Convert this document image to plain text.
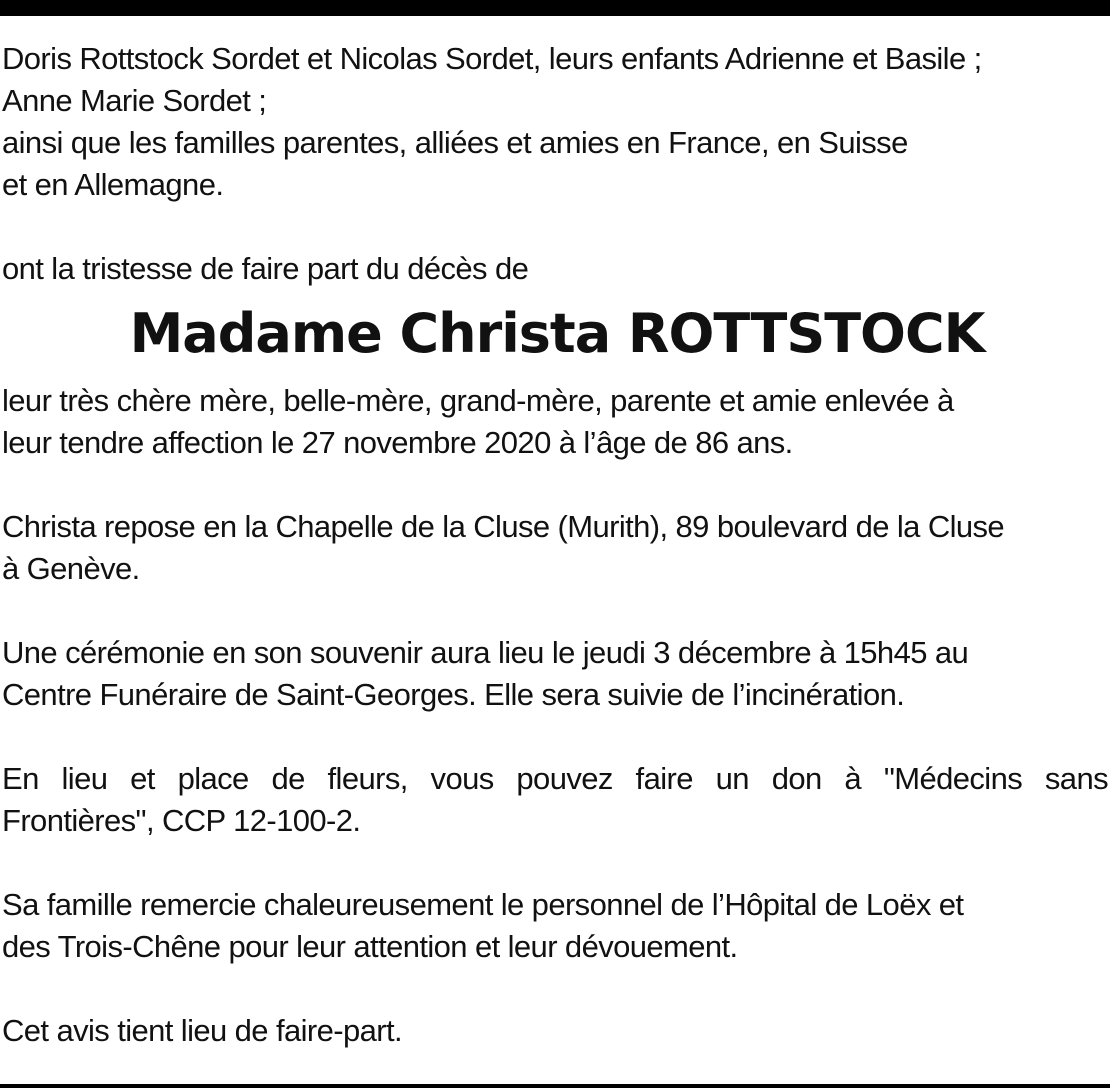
Doris Rottstock Sordet et Nicolas Sordet, leurs enfants Adrienne et Basile ;
Anne Marie Sordet ;
ainsi que les familles parentes, alliées et amies en France, en Suisse
et en Allemagne.
ont la tristesse de faire part du décès de
Madame Christa ROTTSTOCK
leur très chère mère, belle-mère, grand-mère, parente et amie enlevée à
leur tendre affection le 27 novembre 2020 à l’âge de 86 ans.
Christa repose en la Chapelle de la Cluse (Murith), 89 boulevard de la Cluse
à Genève.
Une cérémonie en son souvenir aura lieu le jeudi 3 décembre à 15h45 au
Centre Funéraire de Saint-Georges. Elle sera suivie de l’incinération.
En lieu et place de fleurs, vous pouvez faire un don à "Médecins sans
Frontières", CCP 12-100-2.
Sa famille remercie chaleureusement le personnel de l’Hôpital de Loëx et
des Trois-Chêne pour leur attention et leur dévouement.
Cet avis tient lieu de faire-part.
